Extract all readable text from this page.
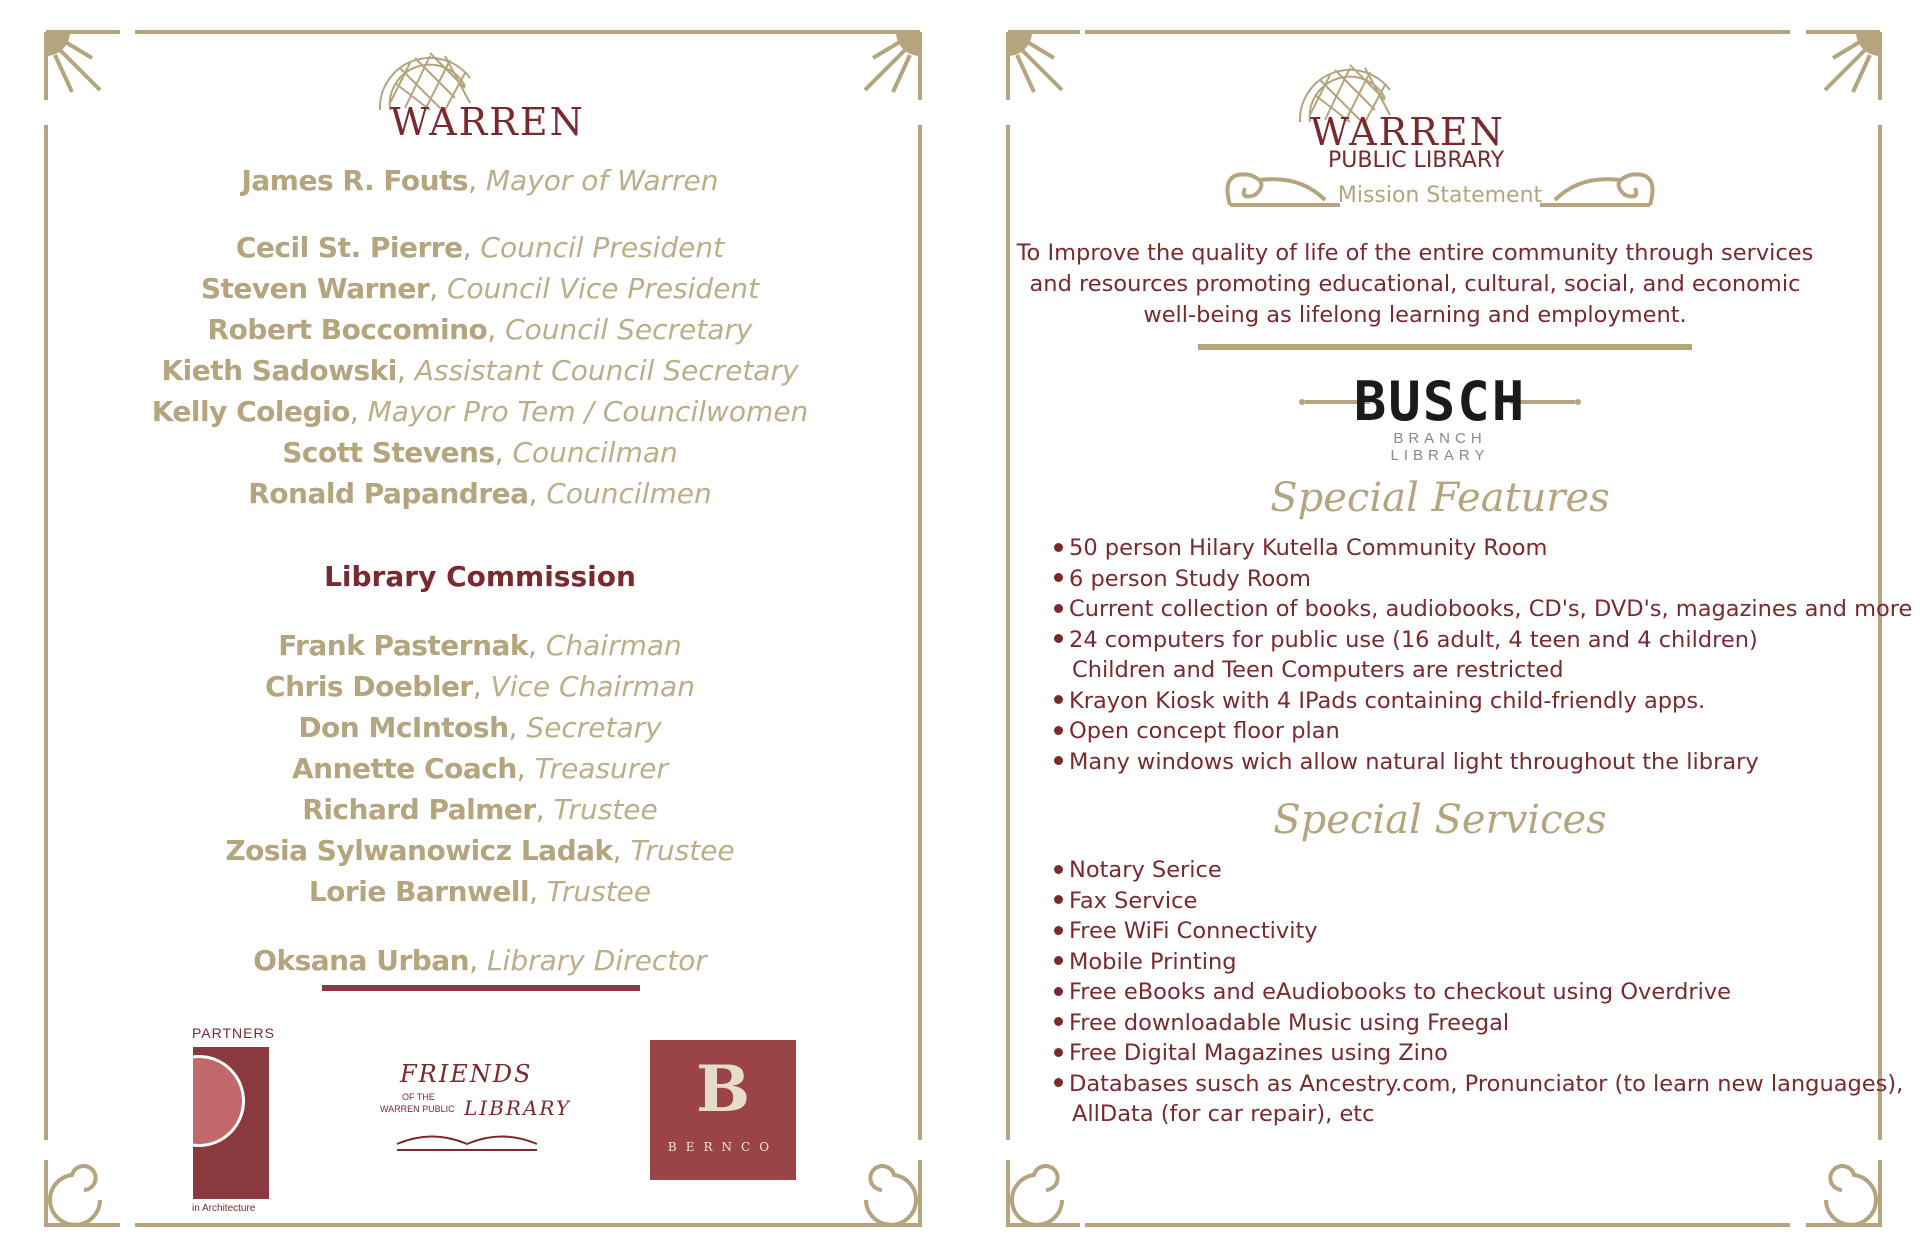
WARREN
James R. Fouts, Mayor of Warren
Cecil St. Pierre, Council President
Steven Warner, Council Vice President
Robert Boccomino, Council Secretary
Kieth Sadowski, Assistant Council Secretary
Kelly Colegio, Mayor Pro Tem / Councilwomen
Scott Stevens, Councilman
Ronald Papandrea, Councilmen
Library Commission
Frank Pasternak, Chairman
Chris Doebler, Vice Chairman
Don McIntosh, Secretary
Annette Coach, Treasurer
Richard Palmer, Trustee
Zosia Sylwanowicz Ladak, Trustee
Lorie Barnwell, Trustee
Oksana Urban, Library Director
PARTNERS
in Architecture
FRIENDS
OF THE
WARREN PUBLIC LIBRARY	B
BERNCO
WARREN
PUBLIC LIBRARY
Mission Statement
To Improve the quality of life of the entire community through services and resources promoting educational, cultural, social, and economic well-being as lifelong learning and employment.
BUSCH
BRANCH LIBRARY
Special Features
50 person Hilary Kutella Community Room
6 person Study Room
Current collection of books, audiobooks, CD's, DVD's, magazines and more
24 computers for public use (16 adult, 4 teen and 4 children)
Children and Teen Computers are restricted
Krayon Kiosk with 4 IPads containing child-friendly apps.
Open concept floor plan
Many windows wich allow natural light throughout the library
Special Services
Notary Serice
Fax Service
Free WiFi Connectivity
Mobile Printing
Free eBooks and eAudiobooks to checkout using Overdrive
Free downloadable Music using Freegal
Free Digital Magazines using Zino
Databases susch as Ancestry.com, Pronunciator (to learn new languages),
AllData (for car repair), etc
